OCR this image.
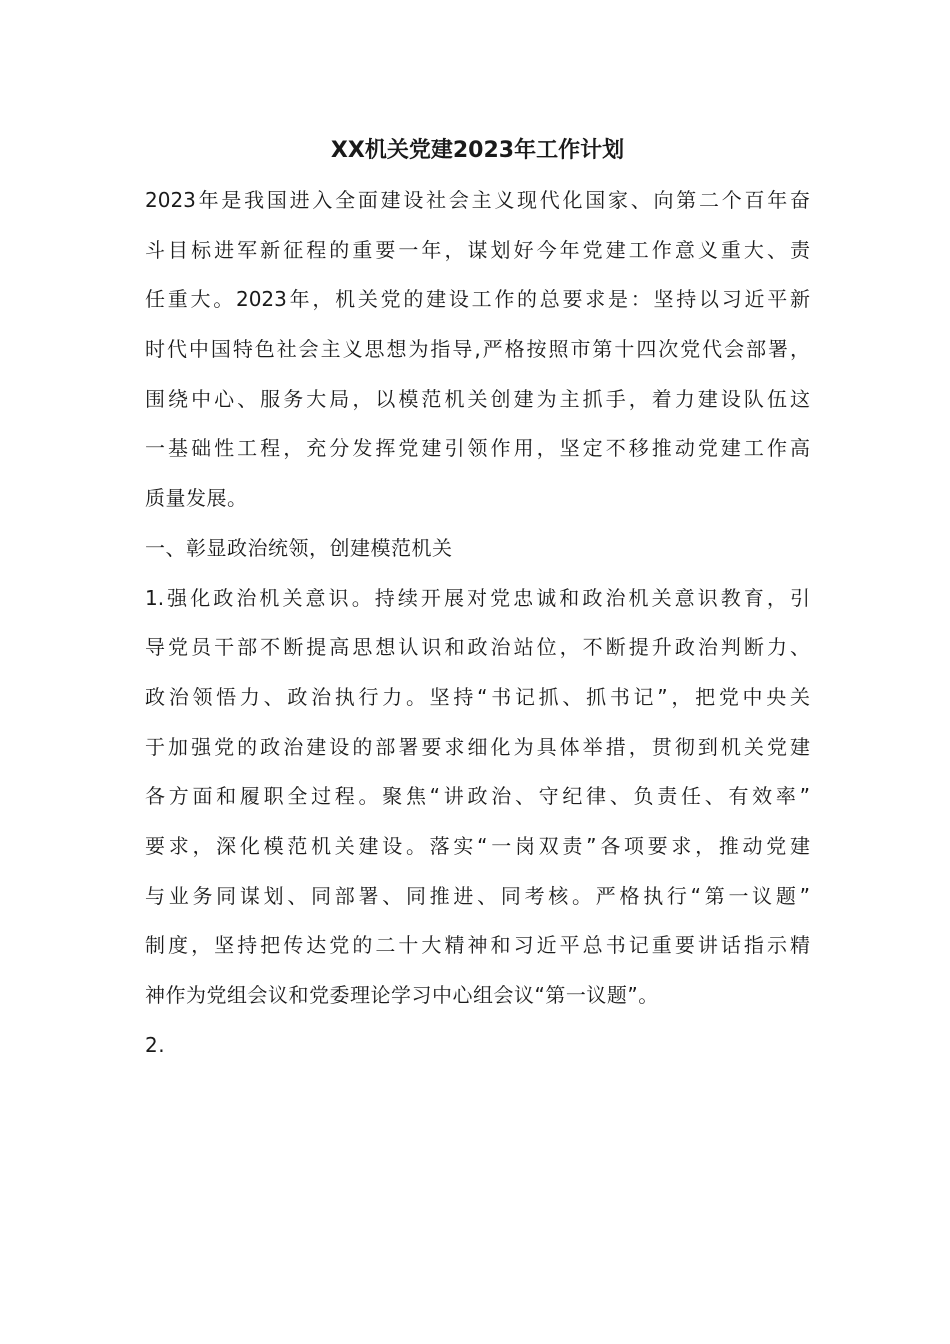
XX机关党建2023年工作计划
2023年是我国进入全面建设社会主义现代化国家、向第二个百年奋
斗目标进军新征程的重要一年，谋划好今年党建工作意义重大、责
任重大。2023年，机关党的建设工作的总要求是：坚持以习近平新
时代中国特色社会主义思想为指导,严格按照市第十四次党代会部署，
围绕中心、服务大局，以模范机关创建为主抓手，着力建设队伍这
一基础性工程，充分发挥党建引领作用，坚定不移推动党建工作高
质量发展。
一、彰显政治统领，创建模范机关
1.强化政治机关意识。持续开展对党忠诚和政治机关意识教育，引
导党员干部不断提高思想认识和政治站位，不断提升政治判断力、
政治领悟力、政治执行力。坚持“书记抓、抓书记”，把党中央关
于加强党的政治建设的部署要求细化为具体举措，贯彻到机关党建
各方面和履职全过程。聚焦“讲政治、守纪律、负责任、有效率”
要求，深化模范机关建设。落实“一岗双责”各项要求，推动党建
与业务同谋划、同部署、同推进、同考核。严格执行“第一议题”
制度，坚持把传达党的二十大精神和习近平总书记重要讲话指示精
神作为党组会议和党委理论学习中心组会议“第一议题”。
2.
